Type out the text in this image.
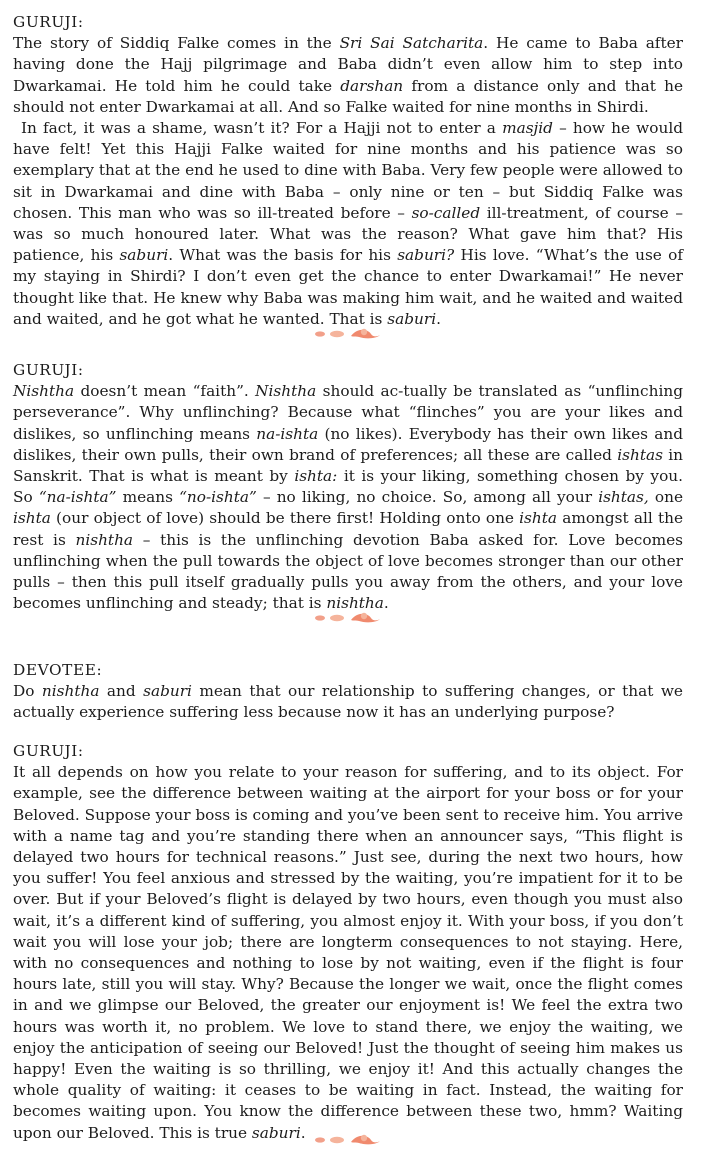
GURUJI:

The story of Siddiq Falke comes in the Sri Sai Satcharita. He came to Baba after having done the Hajj pilgrimage and Baba didn’t even allow him to step into Dwarkamai. He told him he could take darshan from a distance only and that he should not enter Dwarkamai at all. And so Falke waited for nine months in Shirdi.

In fact, it was a shame, wasn’t it? For a Hajji not to enter a masjid – how he would have felt! Yet this Hajji Falke waited for nine months and his patience was so exemplary that at the end he used to dine with Baba. Very few people were allowed to sit in Dwarkamai and dine with Baba – only nine or ten – but Siddiq Falke was chosen. This man who was so ill-treated before – so-called ill-treatment, of course – was so much honoured later. What was the reason? What gave him that? His patience, his saburi. What was the basis for his saburi? His love. “What’s the use of my staying in Shirdi? I don’t even get the chance to enter Dwarkamai!” He never thought like that. He knew why Baba was making him wait, and he waited and waited and waited, and he got what he wanted. That is saburi.

GURUJI:

Nishtha doesn’t mean “faith”. Nishtha should ac-tually be translated as “unflinching perseverance”. Why unflinching? Because what “flinches” you are your likes and dislikes, so unflinching means na-ishta (no likes). Everybody has their own likes and dislikes, their own pulls, their own brand of preferences; all these are called ishtas in Sanskrit. That is what is meant by ishta: it is your liking, something chosen by you. So “na-ishta” means “no-ishta” – no liking, no choice. So, among all your ishtas, one ishta (our object of love) should be there first! Holding onto one ishta amongst all the rest is nishtha – this is the unflinching devotion Baba asked for. Love becomes unflinching when the pull towards the object of love becomes stronger than our other pulls – then this pull itself gradually pulls you away from the others, and your love becomes unflinching and steady; that is nishtha.

DEVOTEE:

Do nishtha and saburi mean that our relationship to suffering changes, or that we actually experience suffering less because now it has an underlying purpose?

GURUJI:

It all depends on how you relate to your reason for suffering, and to its object. For example, see the difference between waiting at the airport for your boss or for your Beloved. Suppose your boss is coming and you’ve been sent to receive him. You arrive with a name tag and you’re standing there when an announcer says, “This flight is delayed two hours for technical reasons.” Just see, during the next two hours, how you suffer! You feel anxious and stressed by the waiting, you’re impatient for it to be over. But if your Beloved’s flight is delayed by two hours, even though you must also wait, it’s a different kind of suffering, you almost enjoy it. With your boss, if you don’t wait you will lose your job; there are longterm consequences to not staying. Here, with no consequences and nothing to lose by not waiting, even if the flight is four hours late, still you will stay. Why? Because the longer we wait, once the flight comes in and we glimpse our Beloved, the greater our enjoyment is! We feel the extra two hours was worth it, no problem. We love to stand there, we enjoy the waiting, we enjoy the anticipation of seeing our Beloved! Just the thought of seeing him makes us happy! Even the waiting is so thrilling, we enjoy it! And this actually changes the whole quality of waiting: it ceases to be waiting in fact. Instead, the waiting for becomes waiting upon. You know the difference between these two, hmm? Waiting upon our Beloved. This is true saburi.
